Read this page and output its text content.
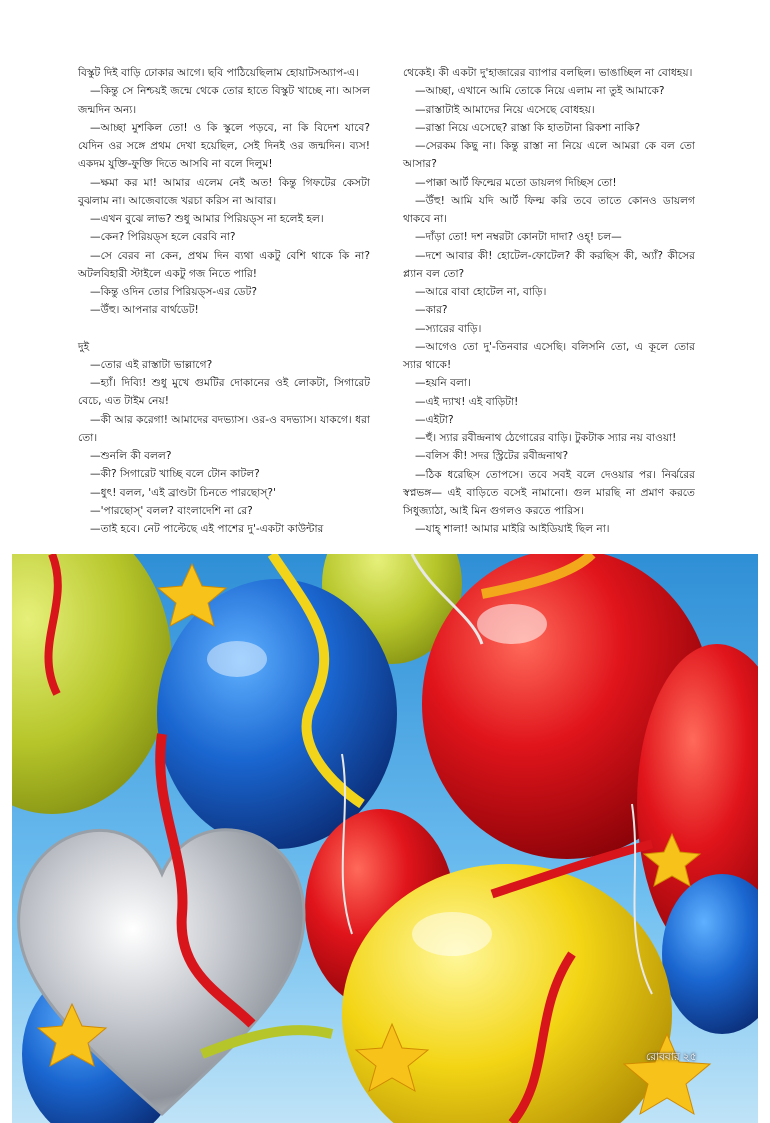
বিস্কুট দিই বাড়ি ঢোকার আগে। ছবি পাঠিয়েছিলাম হোয়াটসঅ্যাপ-এ।

—কিন্তু সে নিশ্চয়ই জন্মে থেকে তোর হাতে বিস্কুট খাচ্ছে না। আসল জন্মদিন অন্য।

—আচ্ছা মুশকিল তো! ও কি স্কুলে পড়বে, না কি বিদেশ যাবে? যেদিন ওর সঙ্গে প্রথম দেখা হয়েছিল, সেই দিনই ওর জন্মদিন। ব্যস! একদম যুক্তি-ফুক্তি দিতে আসবি না বলে দিলুম!

—ক্ষমা কর মা! আমার এলেম নেই অত! কিন্তু গিফটের কেসটা বুঝলাম না। আজেবাজে খরচা করিস না আবার।

—এখন বুঝে লাভ? শুধু আমার পিরিয়ড্স না হলেই হল।

—কেন? পিরিয়ড্স হলে বেরবি না?

—সে বেরব না কেন, প্রথম দিন ব্যথা একটু বেশি থাকে কি না? অটলবিহারী স্টাইলে একটু গজ নিতে পারি!

—কিন্তু ওদিন তোর পিরিয়ড্স-এর ডেট?

—উঁহু। আপনার বার্থডেট!

দুই

—তোর এই রাস্তাটা ভাল্লাগে?

—হ্যাঁ। দিব্যি! শুধু মুখে গুমটির দোকানের ওই লোকটা, সিগারেট বেচে, এত টাইম নেয়!

—কী আর করেগা! আমাদের বদভ্যাস। ওর-ও বদভ্যাস। যাকগে। ধরা তো।

—শুনলি কী বলল?

—কী? সিগারেট খাচ্ছি বলে টোন কাটল?

—ধুৎ! বলল, 'এই ব্রাণ্ডটা চিনতে পারছোস্?'

—'পারছোস্' বলল? বাংলাদেশি না রে?

—তাই হবে। নেট পাল্টেছে এই পাশের দু'-একটা কাউন্টার

থেকেই। কী একটা দু'হাজারের ব্যাপার বলছিল। ভাঙাচ্ছিল না বোধহয়।

—আচ্ছা, এখানে আমি তোকে নিয়ে এলাম না তুই আমাকে?

—রাস্তাটাই আমাদের নিয়ে এসেছে বোধহয়।

—রাস্তা নিয়ে এসেছে? রাস্তা কি হাতটানা রিকশা নাকি?

—সেরকম কিছু না। কিন্তু রাস্তা না নিয়ে এলে আমরা কে বল তো আসার?

—পাক্কা আর্ট ফিল্মের মতো ডায়লগ দিচ্ছিস তো!

—উঁহু! আমি যদি আর্ট ফিল্ম করি তবে তাতে কোনও ডায়লগ থাকবে না।

—দাঁড়া তো! দশ নম্বরটা কোনটা দাদা? ওহ্! চল—

—দশে আবার কী! হোটেল-ফোটেল? কী করছিস কী, অ্যাঁ? কীসের প্ল্যান বল তো?

—আরে বাবা হোটেল না, বাড়ি।

—কার?

—স্যারের বাড়ি।

—আগেও তো দু'-তিনবার এসেছি। বলিসনি তো, এ কূলে তোর স্যার থাকে!

—হয়নি বলা।

—এই দ্যাখ! এই বাড়িটা!

—এইটা?

—হুঁ। স্যার রবীন্দ্রনাথ ঠেগোরের বাড়ি। টুকটাক স্যার নয় বাওয়া!

—বলিস কী! সদর স্ট্রিটের রবীন্দ্রনাথ?

—ঠিক ধরেছিস তোপসে। তবে সবই বলে দেওয়ার পর। নির্ঝরের স্বপ্নভঙ্গ— এই বাড়িতে বসেই নামানো। গুল মারছি না প্রমাণ করতে সিধুজ্যাঠা, আই মিন গুগলও করতে পারিস।

—যাহ্ শালা! আমার মাইরি আইডিয়াই ছিল না।

রোববার ২৫
